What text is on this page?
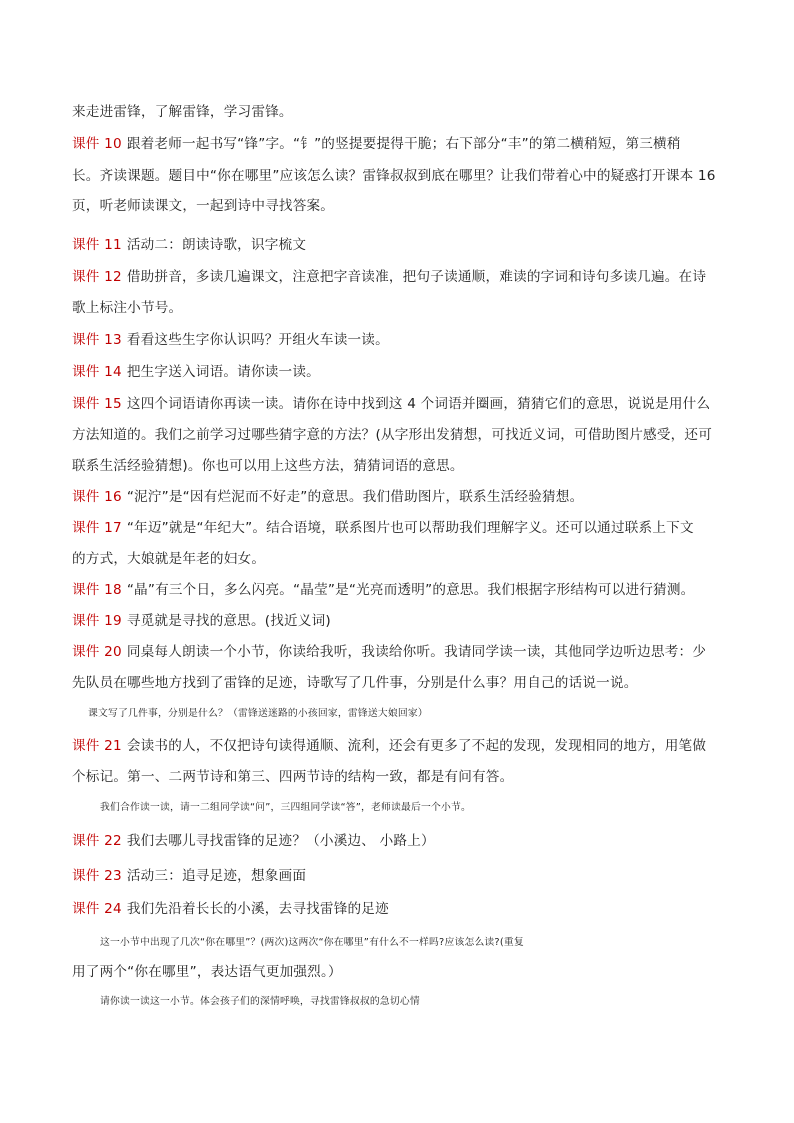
来走进雷锋，了解雷锋，学习雷锋。
课件 10 跟着老师一起书写“锋”字。“钅”的竖提要提得干脆；右下部分“丰”的第二横稍短，第三横稍
长。齐读课题。题目中“你在哪里”应该怎么读？雷锋叔叔到底在哪里？让我们带着心中的疑惑打开课本 16
页，听老师读课文，一起到诗中寻找答案。
课件 11 活动二：朗读诗歌，识字梳文
课件 12 借助拼音，多读几遍课文，注意把字音读准，把句子读通顺，难读的字词和诗句多读几遍。在诗
歌上标注小节号。
课件 13 看看这些生字你认识吗？开组火车读一读。
课件 14 把生字送入词语。请你读一读。
课件 15 这四个词语请你再读一读。请你在诗中找到这 4 个词语并圈画，猜猜它们的意思，说说是用什么
方法知道的。我们之前学习过哪些猜字意的方法？(从字形出发猜想，可找近义词，可借助图片感受，还可
联系生活经验猜想)。你也可以用上这些方法，猜猜词语的意思。
课件 16 “泥泞”是“因有烂泥而不好走”的意思。我们借助图片，联系生活经验猜想。
课件 17 “年迈”就是“年纪大”。结合语境，联系图片也可以帮助我们理解字义。还可以通过联系上下文
的方式，大娘就是年老的妇女。
课件 18 “晶”有三个日，多么闪亮。“晶莹”是“光亮而透明”的意思。我们根据字形结构可以进行猜测。
课件 19 寻觅就是寻找的意思。(找近义词)
课件 20 同桌每人朗读一个小节，你读给我听，我读给你听。我请同学读一读，其他同学边听边思考：少
先队员在哪些地方找到了雷锋的足迹，诗歌写了几件事，分别是什么事？用自己的话说一说。
课文写了几件事，分别是什么？（雷锋送迷路的小孩回家，雷锋送大娘回家）
课件 21 会读书的人，不仅把诗句读得通顺、流利，还会有更多了不起的发现，发现相同的地方，用笔做
个标记。第一、二两节诗和第三、四两节诗的结构一致，都是有问有答。
我们合作读一读，请一二组同学读“问”，三四组同学读“答”，老师读最后一个小节。
课件 22 我们去哪儿寻找雷锋的足迹？（小溪边、 小路上）
课件 23 活动三：追寻足迹，想象画面
课件 24 我们先沿着长长的小溪，去寻找雷锋的足迹
这一小节中出现了几次“你在哪里”？(两次)这两次“你在哪里”有什么不一样吗?应该怎么读?(重复
用了两个“你在哪里”，表达语气更加强烈。）
请你读一读这一小节。体会孩子们的深情呼唤，寻找雷锋叔叔的急切心情
